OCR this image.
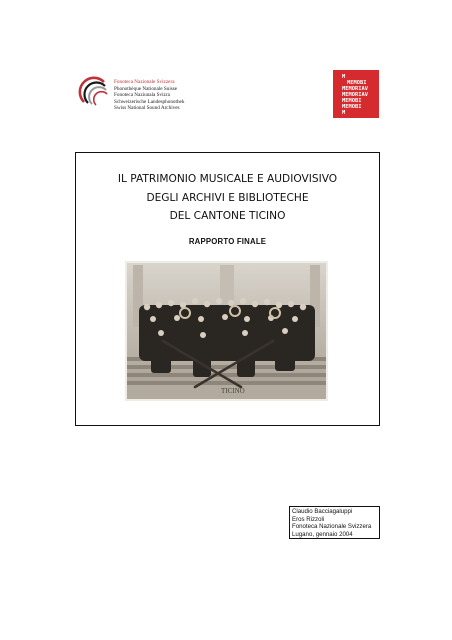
Fonoteca Nazionale Svizzera
Phonothèque Nationale Suisse
Fonoteca Naziunala Svizra
Schweizerische Landesphonothek
Swiss National Sound Archives
M
MEMOBI
MEMORIAV
MEMORIAV
MEMOBI
MEMOBI
M
IL PATRIMONIO MUSICALE E AUDIOVISIVO
DEGLI ARCHIVI E BIBLIOTECHE
DEL CANTONE TICINO
RAPPORTO FINALE
TICINO
Claudio Bacciagaluppi
Eros Rizzoli
Fonoteca Nazionale Svizzera
Lugano, gennaio 2004
